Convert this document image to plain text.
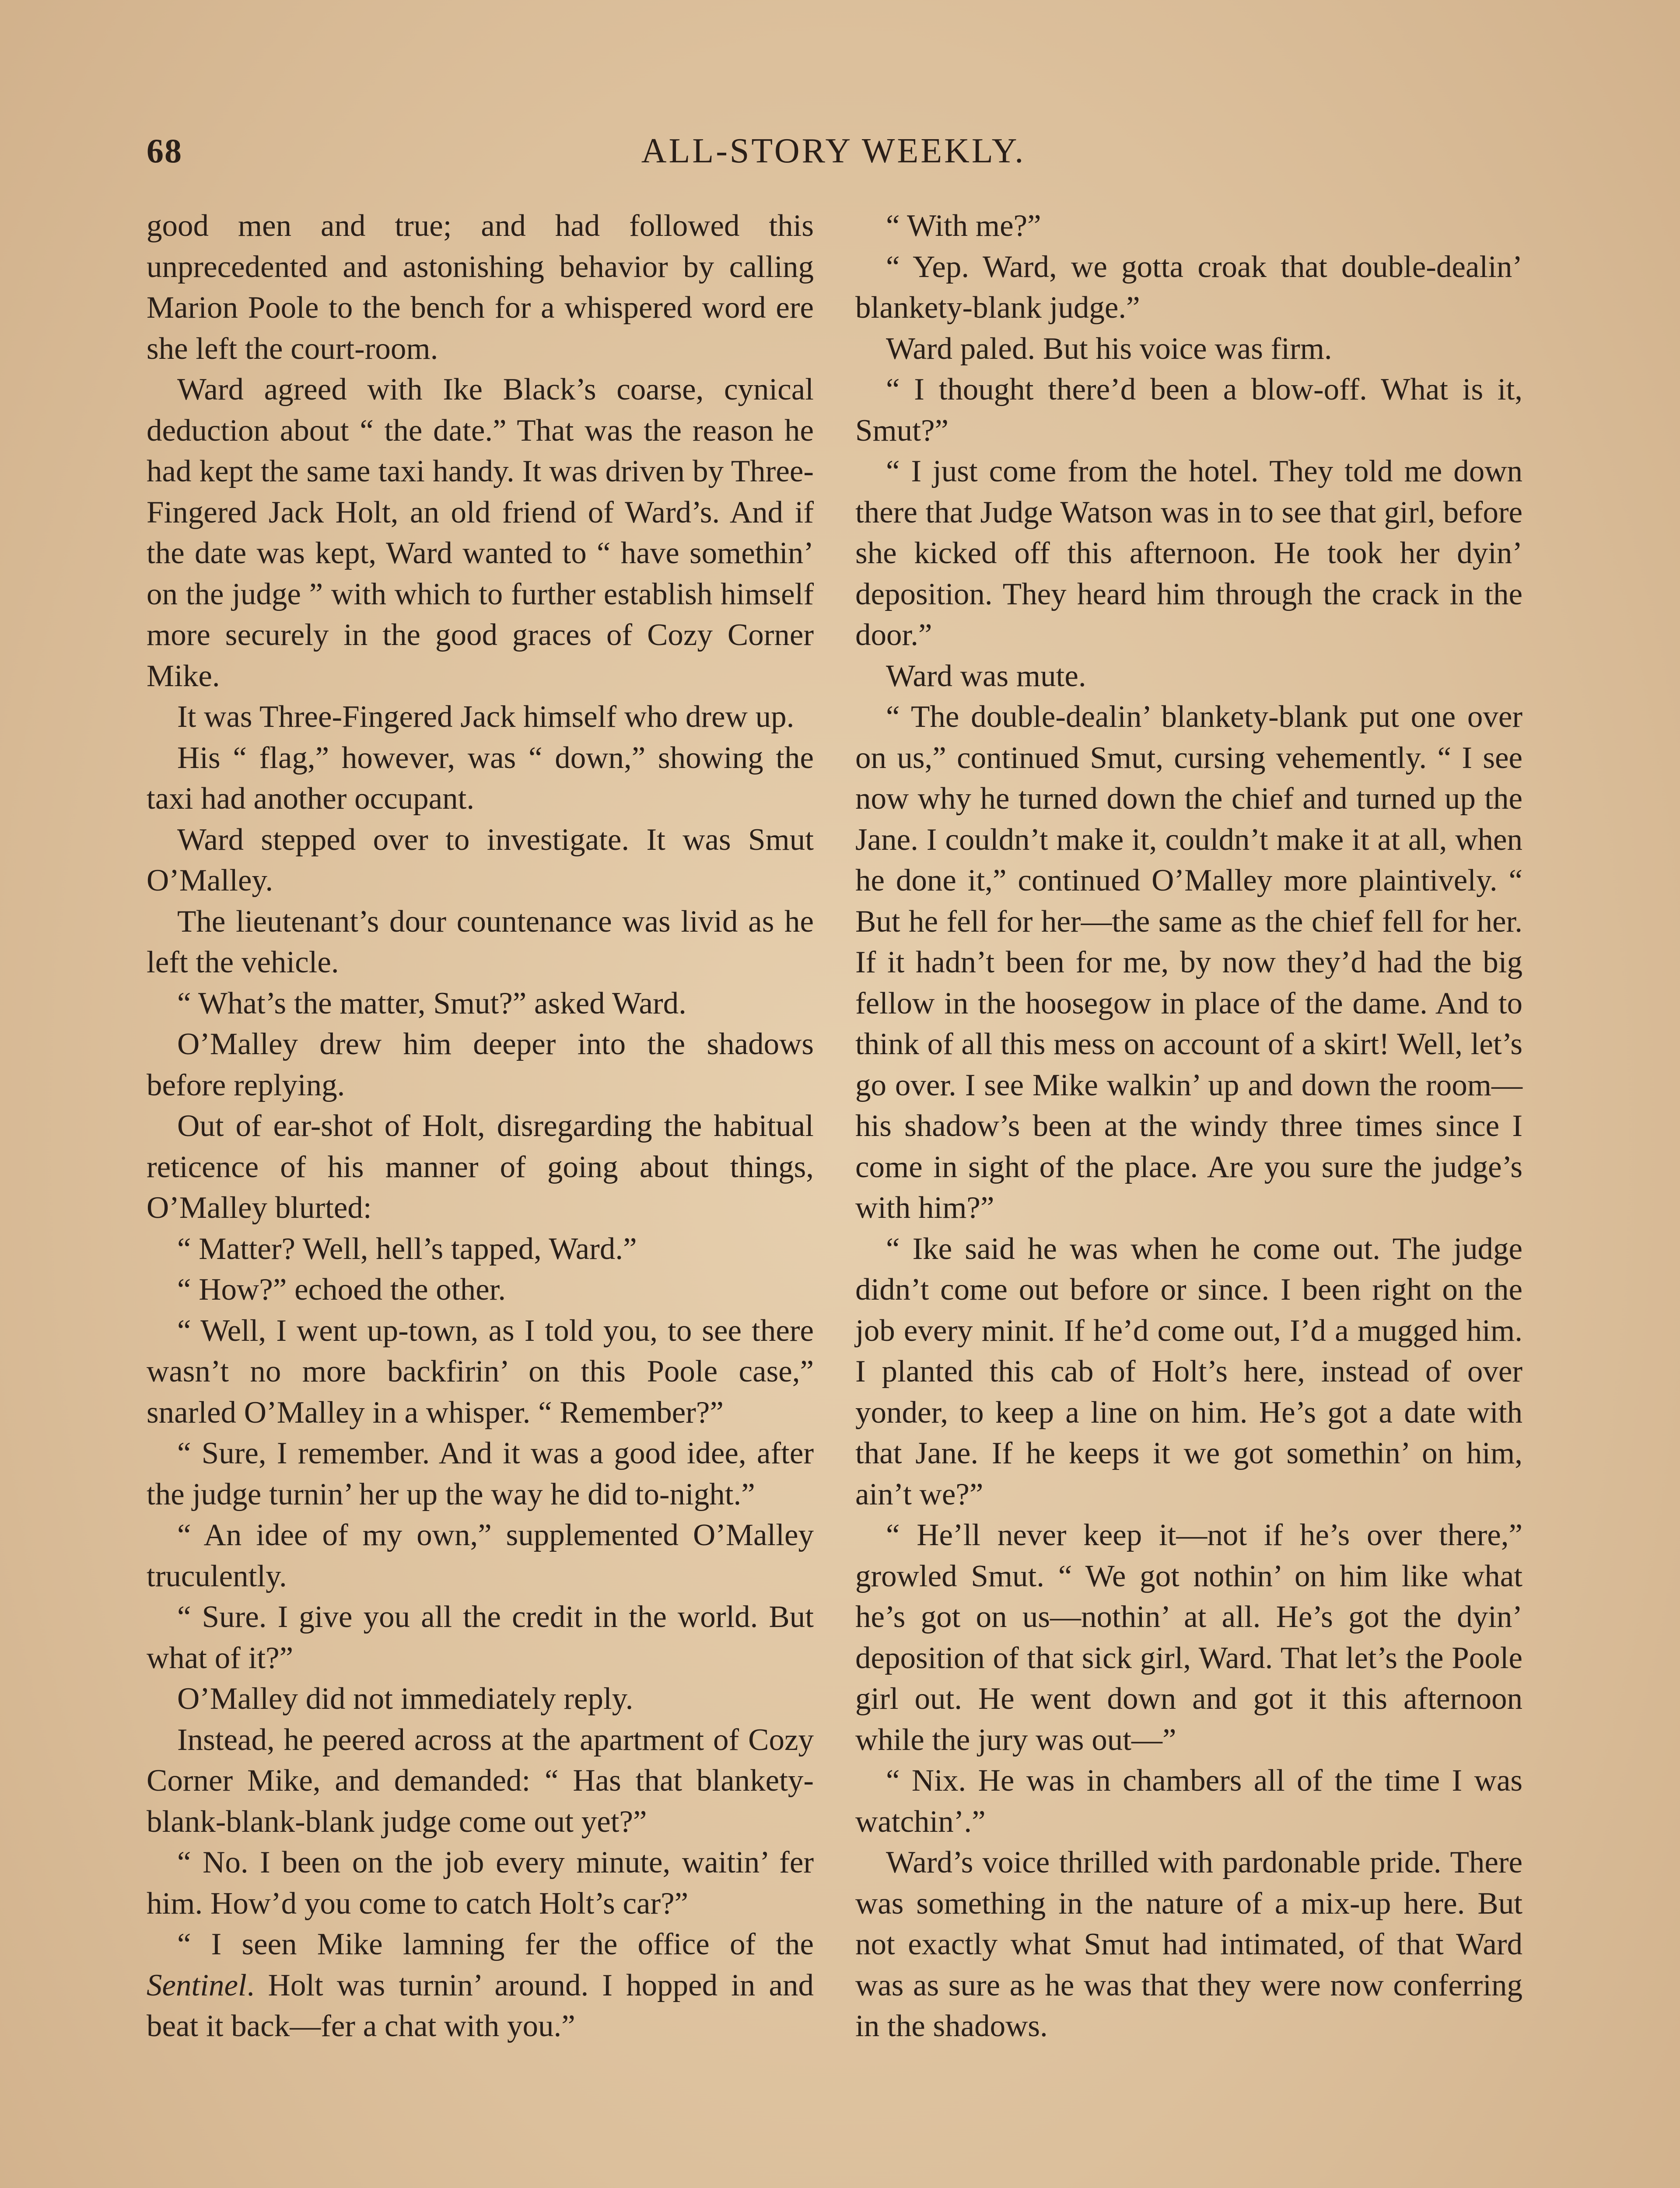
68	ALL-STORY WEEKLY.

good men and true; and had followed this unprecedented and astonishing behavior by calling Marion Poole to the bench for a whispered word ere she left the court-room.

Ward agreed with Ike Black’s coarse, cynical deduction about “ the date.” That was the reason he had kept the same taxi handy. It was driven by Three-Fingered Jack Holt, an old friend of Ward’s. And if the date was kept, Ward wanted to “ have somethin’ on the judge ” with which to further establish himself more securely in the good graces of Cozy Corner Mike.

It was Three-Fingered Jack himself who drew up.

His “ flag,” however, was “ down,” showing the taxi had another occupant.

Ward stepped over to investigate. It was Smut O’Malley.

The lieutenant’s dour countenance was livid as he left the vehicle.

“ What’s the matter, Smut?” asked Ward.

O’Malley drew him deeper into the shadows before replying.

Out of ear-shot of Holt, disregarding the habitual reticence of his manner of going about things, O’Malley blurted:

“ Matter? Well, hell’s tapped, Ward.”

“ How?” echoed the other.

“ Well, I went up-town, as I told you, to see there wasn’t no more backfirin’ on this Poole case,” snarled O’Malley in a whisper. “ Remember?”

“ Sure, I remember. And it was a good idee, after the judge turnin’ her up the way he did to-night.”

“ An idee of my own,” supplemented O’Malley truculently.

“ Sure. I give you all the credit in the world. But what of it?”

O’Malley did not immediately reply.

Instead, he peered across at the apartment of Cozy Corner Mike, and demanded: “ Has that blankety-blank-blank-blank judge come out yet?”

“ No. I been on the job every minute, waitin’ fer him. How’d you come to catch Holt’s car?”

“ I seen Mike lamning fer the office of the Sentinel. Holt was turnin’ around. I hopped in and beat it back—fer a chat with you.”

“ With me?”

“ Yep. Ward, we gotta croak that double-dealin’ blankety-blank judge.”

Ward paled. But his voice was firm.

“ I thought there’d been a blow-off. What is it, Smut?”

“ I just come from the hotel. They told me down there that Judge Watson was in to see that girl, before she kicked off this afternoon. He took her dyin’ deposition. They heard him through the crack in the door.”

Ward was mute.

“ The double-dealin’ blankety-blank put one over on us,” continued Smut, cursing vehemently. “ I see now why he turned down the chief and turned up the Jane. I couldn’t make it, couldn’t make it at all, when he done it,” continued O’Malley more plaintively. “ But he fell for her—the same as the chief fell for her. If it hadn’t been for me, by now they’d had the big fellow in the hoosegow in place of the dame. And to think of all this mess on account of a skirt! Well, let’s go over. I see Mike walkin’ up and down the room—his shadow’s been at the windy three times since I come in sight of the place. Are you sure the judge’s with him?”

“ Ike said he was when he come out. The judge didn’t come out before or since. I been right on the job every minit. If he’d come out, I’d a mugged him. I planted this cab of Holt’s here, instead of over yonder, to keep a line on him. He’s got a date with that Jane. If he keeps it we got somethin’ on him, ain’t we?”

“ He’ll never keep it—not if he’s over there,” growled Smut. “ We got nothin’ on him like what he’s got on us—nothin’ at all. He’s got the dyin’ deposition of that sick girl, Ward. That let’s the Poole girl out. He went down and got it this afternoon while the jury was out—”

“ Nix. He was in chambers all of the time I was watchin’.”

Ward’s voice thrilled with pardonable pride. There was something in the nature of a mix-up here. But not exactly what Smut had intimated, of that Ward was as sure as he was that they were now conferring in the shadows.
